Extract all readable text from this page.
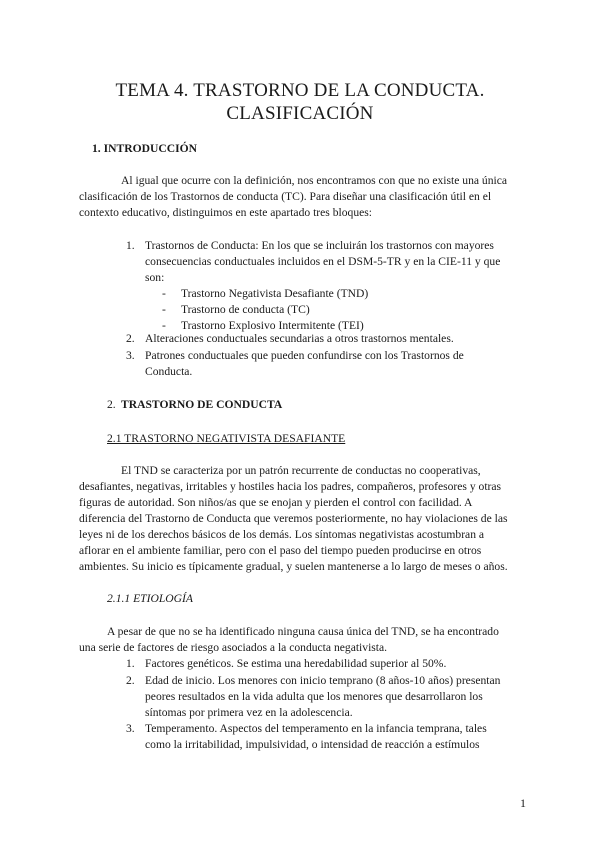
TEMA 4. TRASTORNO DE LA CONDUCTA.
CLASIFICACIÓN
1. INTRODUCCIÓN
Al igual que ocurre con la definición, nos encontramos con que no existe una única
clasificación de los Trastornos de conducta (TC). Para diseñar una clasificación útil en el
contexto educativo, distinguimos en este apartado tres bloques:
1. Trastornos de Conducta: En los que se incluirán los trastornos con mayores
consecuencias conductuales incluidos en el DSM-5-TR y en la CIE-11 y que
son:
- Trastorno Negativista Desafiante (TND)
- Trastorno de conducta (TC)
- Trastorno Explosivo Intermitente (TEI)
2. Alteraciones conductuales secundarias a otros trastornos mentales.
3. Patrones conductuales que pueden confundirse con los Trastornos de
Conducta.
2. TRASTORNO DE CONDUCTA
2.1 TRASTORNO NEGATIVISTA DESAFIANTE
El TND se caracteriza por un patrón recurrente de conductas no cooperativas,
desafiantes, negativas, irritables y hostiles hacia los padres, compañeros, profesores y otras
figuras de autoridad. Son niños/as que se enojan y pierden el control con facilidad. A
diferencia del Trastorno de Conducta que veremos posteriormente, no hay violaciones de las
leyes ni de los derechos básicos de los demás. Los síntomas negativistas acostumbran a
aflorar en el ambiente familiar, pero con el paso del tiempo pueden producirse en otros
ambientes. Su inicio es típicamente gradual, y suelen mantenerse a lo largo de meses o años.
2.1.1 ETIOLOGÍA
A pesar de que no se ha identificado ninguna causa única del TND, se ha encontrado
una serie de factores de riesgo asociados a la conducta negativista.
1. Factores genéticos. Se estima una heredabilidad superior al 50%.
2. Edad de inicio. Los menores con inicio temprano (8 años-10 años) presentan
peores resultados en la vida adulta que los menores que desarrollaron los
síntomas por primera vez en la adolescencia.
3. Temperamento. Aspectos del temperamento en la infancia temprana, tales
como la irritabilidad, impulsividad, o intensidad de reacción a estímulos
1
